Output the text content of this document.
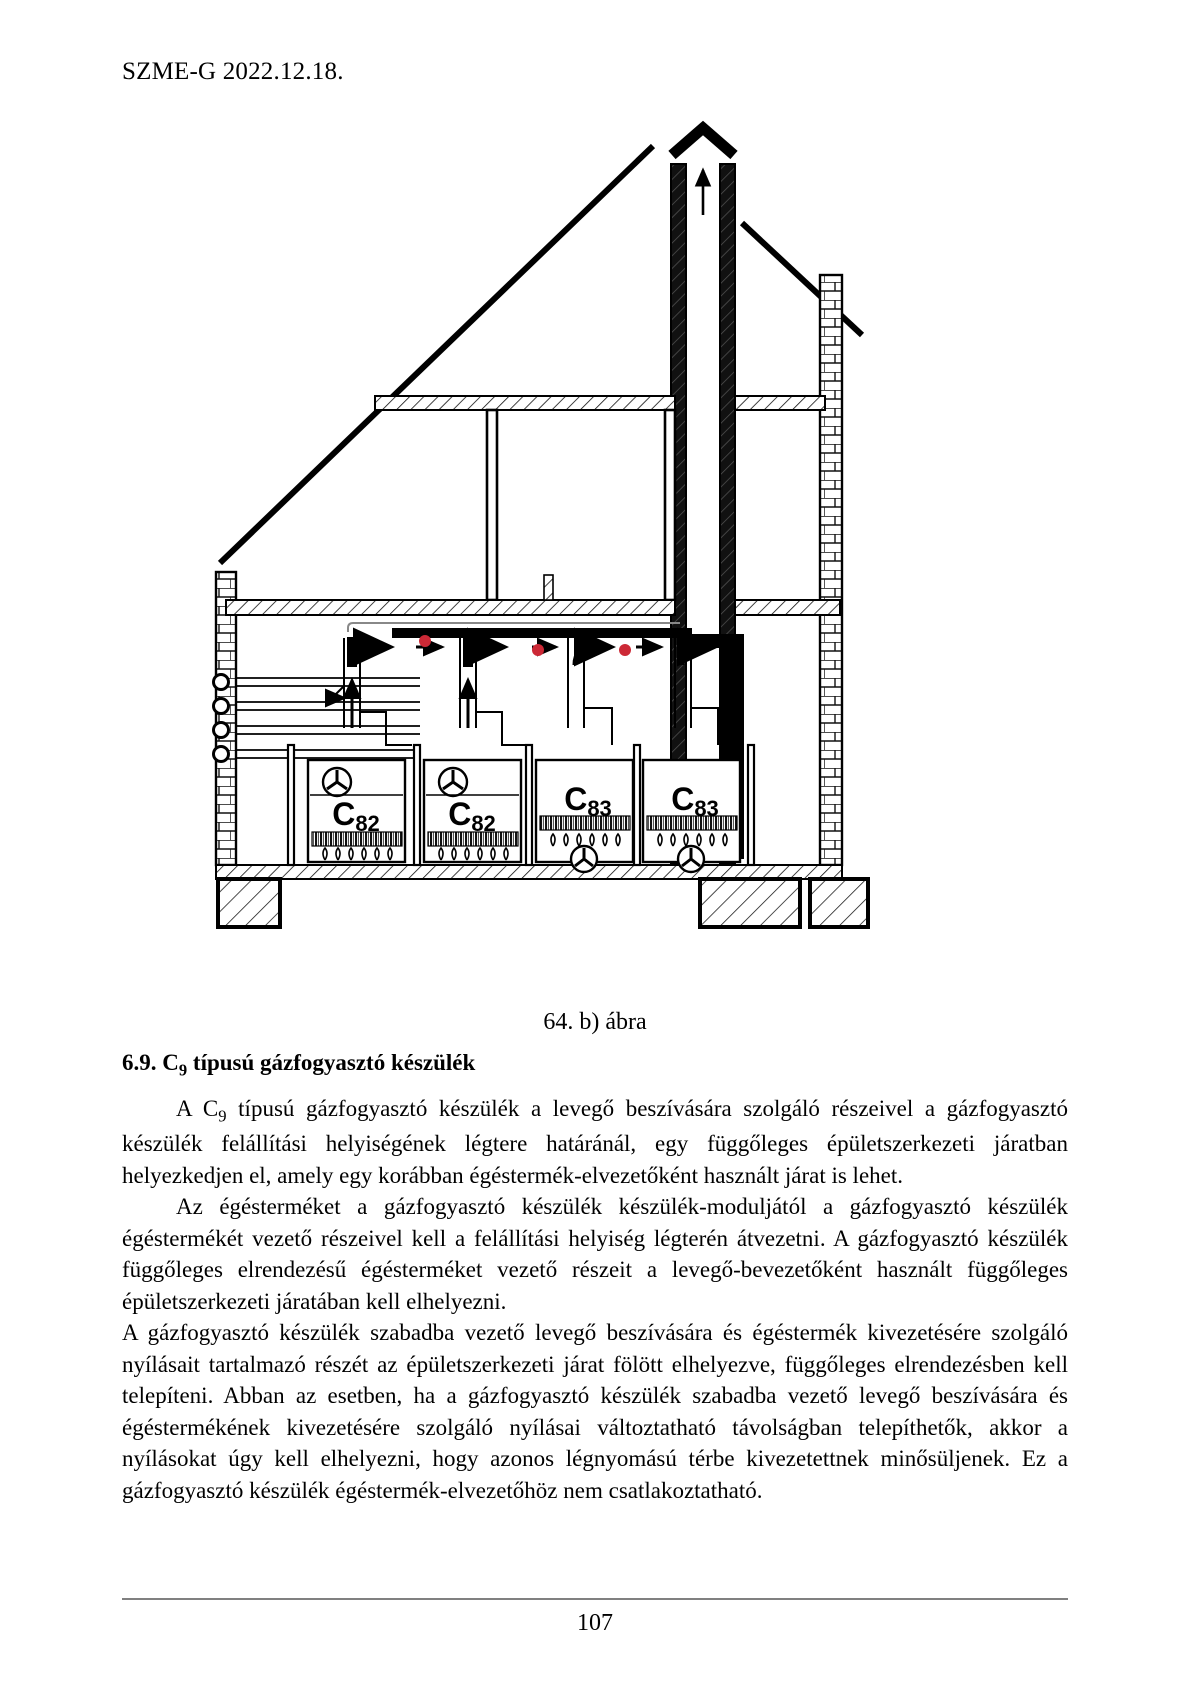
SZME-G 2022.12.18.
C82 C82
C83 C83
64. b) ábra
6.9. $C_9$ típusú gázfogyasztó készülék

A $C_9$ típusú gázfogyasztó készülék a levegő beszívására szolgáló részeivel a gázfogyasztó készülék felállítási helyiségének légtere határánál, egy függőleges épületszerkezeti járatban helyezkedjen el, amely egy korábban égéstermék-elvezetőként használt járat is lehet.

Az égésterméket a gázfogyasztó készülék készülék-moduljától a gázfogyasztó készülék égéstermékét vezető részeivel kell a felállítási helyiség légterén átvezetni. A gázfogyasztó készülék függőleges elrendezésű égésterméket vezető részeit a levegő-bevezetőként használt függőleges épületszerkezeti járatában kell elhelyezni.

A gázfogyasztó készülék szabadba vezető levegő beszívására és égéstermék kivezetésére szolgáló nyílásait tartalmazó részét az épületszerkezeti járat fölött elhelyezve, függőleges elrendezésben kell telepíteni. Abban az esetben, ha a gázfogyasztó készülék szabadba vezető levegő beszívására és égéstermékének kivezetésére szolgáló nyílásai változtatható távolságban telepíthetők, akkor a nyílásokat úgy kell elhelyezni, hogy azonos légnyomású térbe kivezetettnek minősüljenek. Ez a gázfogyasztó készülék égéstermék-elvezetőhöz nem csatlakoztatható.

107
